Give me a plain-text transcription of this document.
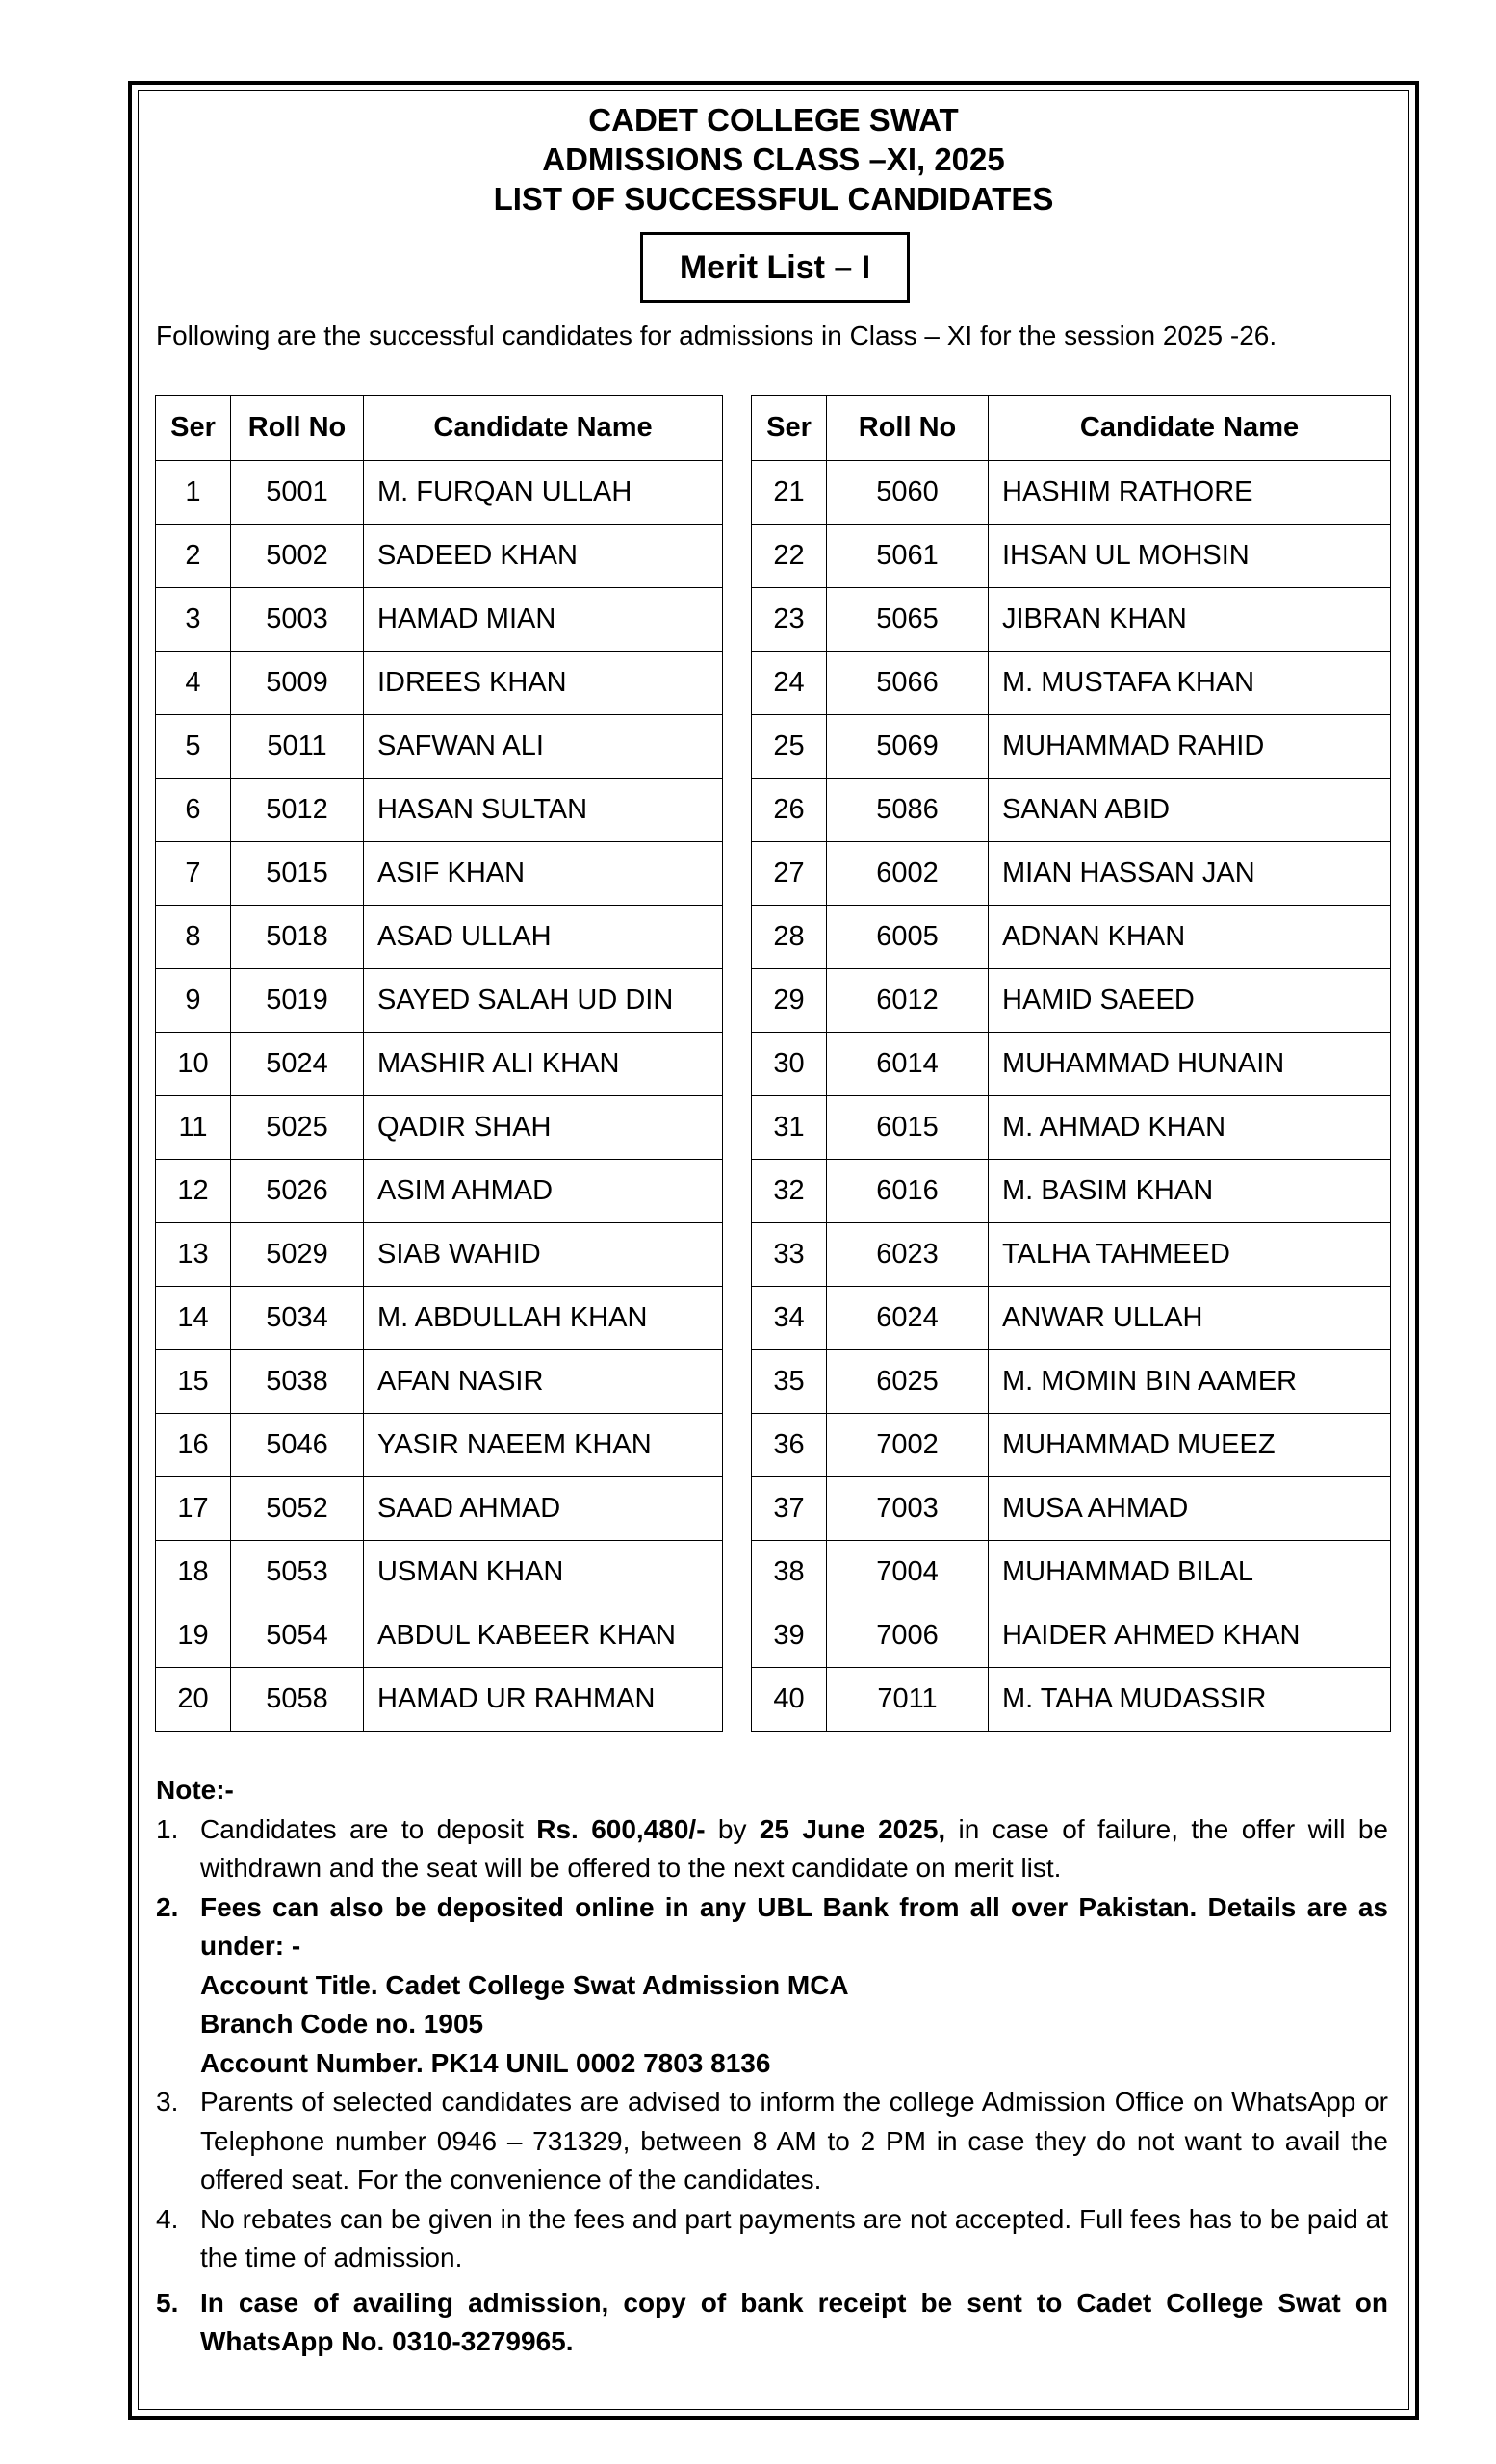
CADET COLLEGE SWAT
ADMISSIONS CLASS –XI, 2025
LIST OF SUCCESSFUL CANDIDATES
Merit List – I
Following are the successful candidates for admissions in Class – XI for the session 2025 -26.
Ser	Roll No	Candidate Name
1	5001	M. FURQAN ULLAH
2	5002	SADEED KHAN
3	5003	HAMAD MIAN
4	5009	IDREES KHAN
5	5011	SAFWAN ALI
6	5012	HASAN SULTAN
7	5015	ASIF KHAN
8	5018	ASAD ULLAH
9	5019	SAYED SALAH UD DIN
10	5024	MASHIR ALI KHAN
11	5025	QADIR SHAH
12	5026	ASIM AHMAD
13	5029	SIAB WAHID
14	5034	M. ABDULLAH KHAN
15	5038	AFAN NASIR
16	5046	YASIR NAEEM KHAN
17	5052	SAAD AHMAD
18	5053	USMAN KHAN
19	5054	ABDUL KABEER KHAN
20	5058	HAMAD UR RAHMAN
Ser	Roll No	Candidate Name
21	5060	HASHIM RATHORE
22	5061	IHSAN UL MOHSIN
23	5065	JIBRAN KHAN
24	5066	M. MUSTAFA KHAN
25	5069	MUHAMMAD RAHID
26	5086	SANAN ABID
27	6002	MIAN HASSAN JAN
28	6005	ADNAN KHAN
29	6012	HAMID SAEED
30	6014	MUHAMMAD HUNAIN
31	6015	M. AHMAD KHAN
32	6016	M. BASIM KHAN
33	6023	TALHA TAHMEED
34	6024	ANWAR ULLAH
35	6025	M. MOMIN BIN AAMER
36	7002	MUHAMMAD MUEEZ
37	7003	MUSA AHMAD
38	7004	MUHAMMAD BILAL
39	7006	HAIDER AHMED KHAN
40	7011	M. TAHA MUDASSIR
Note:-
1. Candidates are to deposit Rs. 600,480/- by 25 June 2025, in case of failure, the offer will be withdrawn and the seat will be offered to the next candidate on merit list.
2. Fees can also be deposited online in any UBL Bank from all over Pakistan. Details are as under: -
Account Title. Cadet College Swat Admission MCA
Branch Code no. 1905
Account Number. PK14 UNIL 0002 7803 8136
3. Parents of selected candidates are advised to inform the college Admission Office on WhatsApp or Telephone number 0946 – 731329, between 8 AM to 2 PM in case they do not want to avail the offered seat. For the convenience of the candidates.
4. No rebates can be given in the fees and part payments are not accepted. Full fees has to be paid at the time of admission.
5. In case of availing admission, copy of bank receipt be sent to Cadet College Swat on WhatsApp No. 0310-3279965.
